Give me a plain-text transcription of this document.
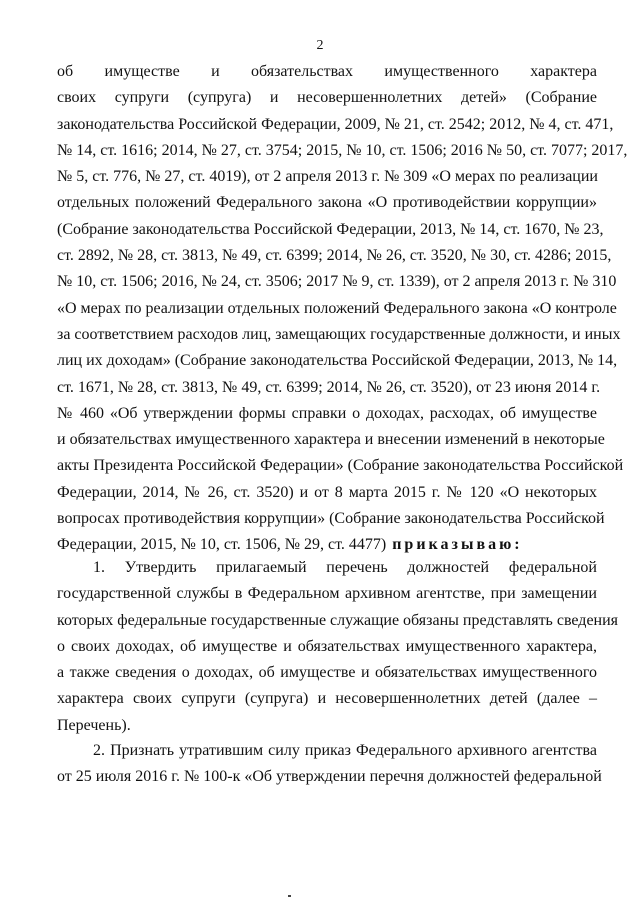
2
об имуществе и обязательствах имущественного характера
своих супруги (супруга) и несовершеннолетних детей» (Собрание
законодательства Российской Федерации, 2009, № 21, ст. 2542; 2012, № 4, ст. 471,
№ 14, ст. 1616; 2014, № 27, ст. 3754; 2015, № 10, ст. 1506; 2016 № 50, ст. 7077; 2017,
№ 5, ст. 776, № 27, ст. 4019), от 2 апреля 2013 г. № 309 «О мерах по реализации
отдельных положений Федерального закона «О противодействии коррупции»
(Собрание законодательства Российской Федерации, 2013, № 14, ст. 1670, № 23,
ст. 2892, № 28, ст. 3813, № 49, ст. 6399; 2014, № 26, ст. 3520, № 30, ст. 4286; 2015,
№ 10, ст. 1506; 2016, № 24, ст. 3506; 2017 № 9, ст. 1339), от 2 апреля 2013 г. № 310
«О мерах по реализации отдельных положений Федерального закона «О контроле
за соответствием расходов лиц, замещающих государственные должности, и иных
лиц их доходам» (Собрание законодательства Российской Федерации, 2013, № 14,
ст. 1671, № 28, ст. 3813, № 49, ст. 6399; 2014, № 26, ст. 3520), от 23 июня 2014 г.
№ 460 «Об утверждении формы справки о доходах, расходах, об имуществе
и обязательствах имущественного характера и внесении изменений в некоторые
акты Президента Российской Федерации» (Собрание законодательства Российской
Федерации, 2014, № 26, ст. 3520) и от 8 марта 2015 г. № 120 «О некоторых
вопросах противодействия коррупции» (Собрание законодательства Российской
Федерации, 2015, № 10, ст. 1506, № 29, ст. 4477) приказываю:
1. Утвердить прилагаемый перечень должностей федеральной
государственной службы в Федеральном архивном агентстве, при замещении
которых федеральные государственные служащие обязаны представлять сведения
о своих доходах, об имуществе и обязательствах имущественного характера,
а также сведения о доходах, об имуществе и обязательствах имущественного
характера своих супруги (супруга) и несовершеннолетних детей (далее –
Перечень).
2. Признать утратившим силу приказ Федерального архивного агентства
от 25 июля 2016 г. № 100-к «Об утверждении перечня должностей федеральной
